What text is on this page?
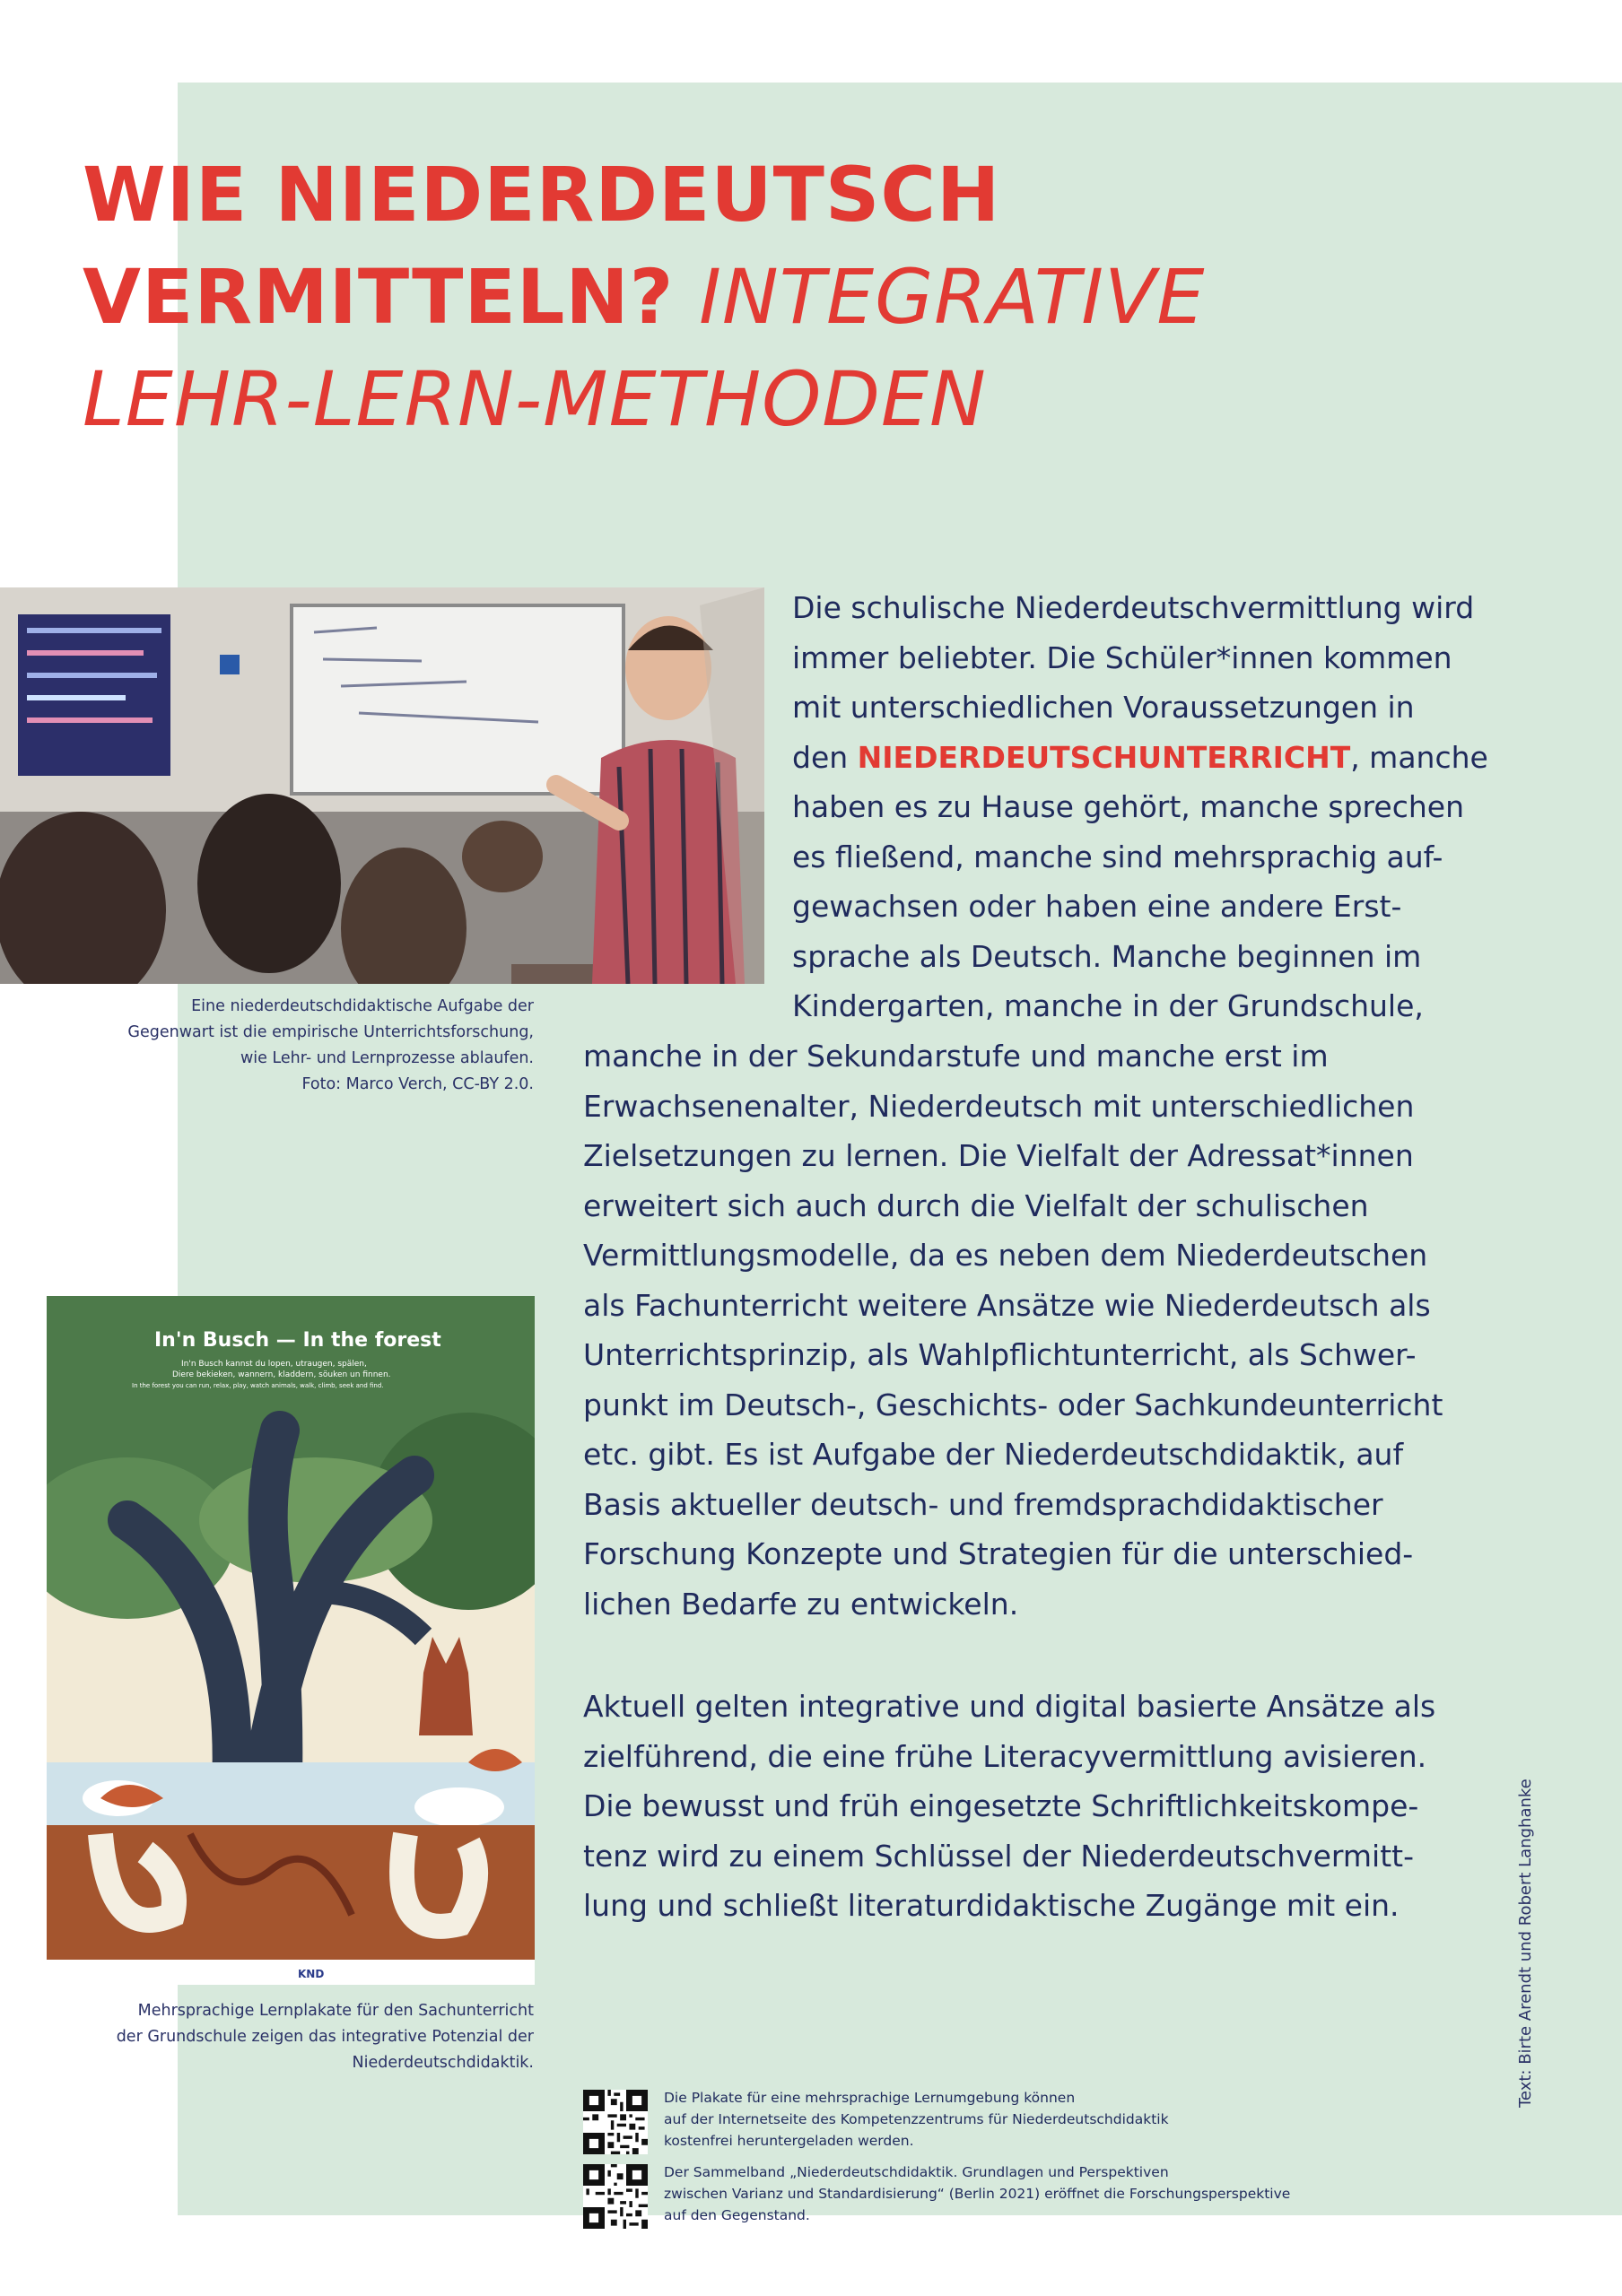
WIE NIEDERDEUTSCH
VERMITTELN? INTEGRATIVE
LEHR-LERN-METHODEN
Eine niederdeutschdidaktische Aufgabe der
Gegenwart ist die empirische Unterrichtsforschung,
wie Lehr- und Lernprozesse ablaufen.
Foto: Marco Verch, CC-BY 2.0.
In'n Busch — In the forest
In'n Busch kannst du lopen, utraugen, spälen,
Diere bekieken, wannern, kladdern, söuken un finnen.
In the forest you can run, relax, play, watch animals, walk, climb, seek and find.
KND
Mehrsprachige Lernplakate für den Sachunterricht
der Grundschule zeigen das integrative Potenzial der
Niederdeutschdidaktik.
Die schulische Niederdeutschvermittlung wird
immer beliebter. Die Schüler*innen kommen
mit unterschiedlichen Voraussetzungen in
den NIEDERDEUTSCHUNTERRICHT, manche
haben es zu Hause gehört, manche sprechen
es fließend, manche sind mehrsprachig auf-
gewachsen oder haben eine andere Erst-
sprache als Deutsch. Manche beginnen im
Kindergarten, manche in der Grundschule,
manche in der Sekundarstufe und manche erst im
Erwachsenenalter, Niederdeutsch mit unterschiedlichen
Zielsetzungen zu lernen. Die Vielfalt der Adressat*innen
erweitert sich auch durch die Vielfalt der schulischen
Vermittlungsmodelle, da es neben dem Niederdeutschen
als Fachunterricht weitere Ansätze wie Niederdeutsch als
Unterrichtsprinzip, als Wahlpflichtunterricht, als Schwer-
punkt im Deutsch-, Geschichts- oder Sachkundeunterricht
etc. gibt. Es ist Aufgabe der Niederdeutschdidaktik, auf
Basis aktueller deutsch- und fremdsprachdidaktischer
Forschung Konzepte und Strategien für die unterschied-
lichen Bedarfe zu entwickeln.
Aktuell gelten integrative und digital basierte Ansätze als
zielführend, die eine frühe Literacyvermittlung avisieren.
Die bewusst und früh eingesetzte Schriftlichkeitskompe-
tenz wird zu einem Schlüssel der Niederdeutschvermitt-
lung und schließt literaturdidaktische Zugänge mit ein.
Die Plakate für eine mehrsprachige Lernumgebung können
auf der Internetseite des Kompetenzzentrums für Niederdeutschdidaktik
kostenfrei heruntergeladen werden.
Der Sammelband „Niederdeutschdidaktik. Grundlagen und Perspektiven
zwischen Varianz und Standardisierung“ (Berlin 2021) eröffnet die Forschungsperspektive
auf den Gegenstand.
Text: Birte Arendt und Robert Langhanke
